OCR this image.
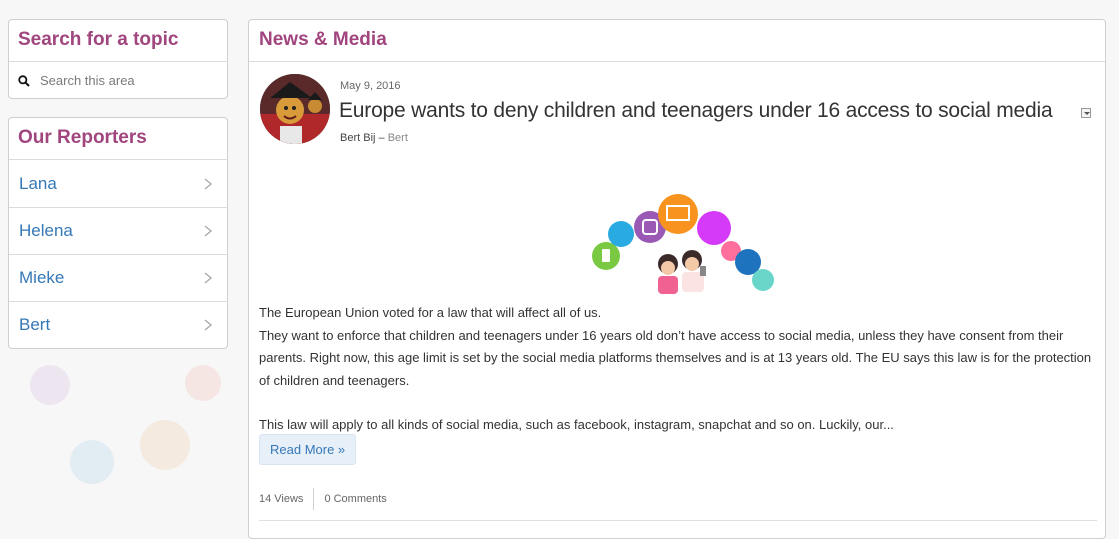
Search for a topic
Search this area
Our Reporters
Lana
Helena
Mieke
Bert
News & Media
May 9, 2016
Europe wants to deny children and teenagers under 16 access to social media
Bert Bij – Bert

The European Union voted for a law that will affect all of us.

They want to enforce that children and teenagers under 16 years old don’t have access to social media, unless they have consent from their parents. Right now, this age limit is set by the social media platforms themselves and is at 13 years old. The EU says this law is for the protection of children and teenagers.

This law will apply to all kinds of social media, such as facebook, instagram, snapchat and so on. Luckily, our...

Read More »
14 Views 0 Comments
